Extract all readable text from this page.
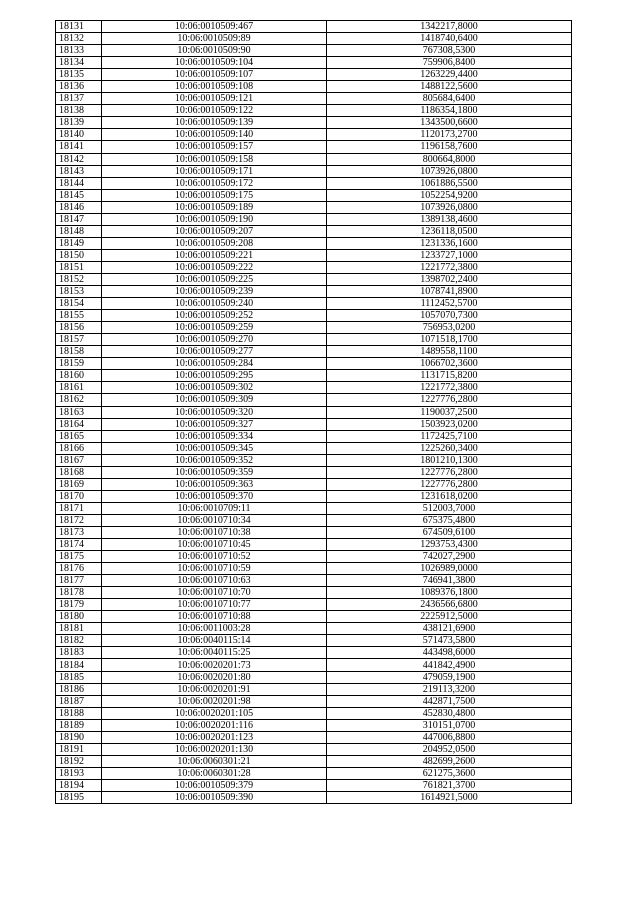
18131	10:06:0010509:467	1342217,8000
18132	10:06:0010509:89	1418740,6400
18133	10:06:0010509:90	767308,5300
18134	10:06:0010509:104	759906,8400
18135	10:06:0010509:107	1263229,4400
18136	10:06:0010509:108	1488122,5600
18137	10:06:0010509:121	805684,6400
18138	10:06:0010509:122	1186354,1800
18139	10:06:0010509:139	1343500,6600
18140	10:06:0010509:140	1120173,2700
18141	10:06:0010509:157	1196158,7600
18142	10:06:0010509:158	800664,8000
18143	10:06:0010509:171	1073926,0800
18144	10:06:0010509:172	1061886,5500
18145	10:06:0010509:175	1052254,9200
18146	10:06:0010509:189	1073926,0800
18147	10:06:0010509:190	1389138,4600
18148	10:06:0010509:207	1236118,0500
18149	10:06:0010509:208	1231336,1600
18150	10:06:0010509:221	1233727,1000
18151	10:06:0010509:222	1221772,3800
18152	10:06:0010509:225	1398702,2400
18153	10:06:0010509:239	1078741,8900
18154	10:06:0010509:240	1112452,5700
18155	10:06:0010509:252	1057070,7300
18156	10:06:0010509:259	756953,0200
18157	10:06:0010509:270	1071518,1700
18158	10:06:0010509:277	1489558,1100
18159	10:06:0010509:284	1066702,3600
18160	10:06:0010509:295	1131715,8200
18161	10:06:0010509:302	1221772,3800
18162	10:06:0010509:309	1227776,2800
18163	10:06:0010509:320	1190037,2500
18164	10:06:0010509:327	1503923,0200
18165	10:06:0010509:334	1172425,7100
18166	10:06:0010509:345	1225260,3400
18167	10:06:0010509:352	1801210,1300
18168	10:06:0010509:359	1227776,2800
18169	10:06:0010509:363	1227776,2800
18170	10:06:0010509:370	1231618,0200
18171	10:06:0010709:11	512003,7000
18172	10:06:0010710:34	675375,4800
18173	10:06:0010710:38	674509,6100
18174	10:06:0010710:45	1293753,4300
18175	10:06:0010710:52	742027,2900
18176	10:06:0010710:59	1026989,0000
18177	10:06:0010710:63	746941,3800
18178	10:06:0010710:70	1089376,1800
18179	10:06:0010710:77	2436566,6800
18180	10:06:0010710:88	2225912,5000
18181	10:06:0011003:28	438121,6900
18182	10:06:0040115:14	571473,5800
18183	10:06:0040115:25	443498,6000
18184	10:06:0020201:73	441842,4900
18185	10:06:0020201:80	479059,1900
18186	10:06:0020201:91	219113,3200
18187	10:06:0020201:98	442871,7500
18188	10:06:0020201:105	452830,4800
18189	10:06:0020201:116	310151,0700
18190	10:06:0020201:123	447006,8800
18191	10:06:0020201:130	204952,0500
18192	10:06:0060301:21	482699,2600
18193	10:06:0060301:28	621275,3600
18194	10:06:0010509:379	761821,3700
18195	10:06:0010509:390	1614921,5000
